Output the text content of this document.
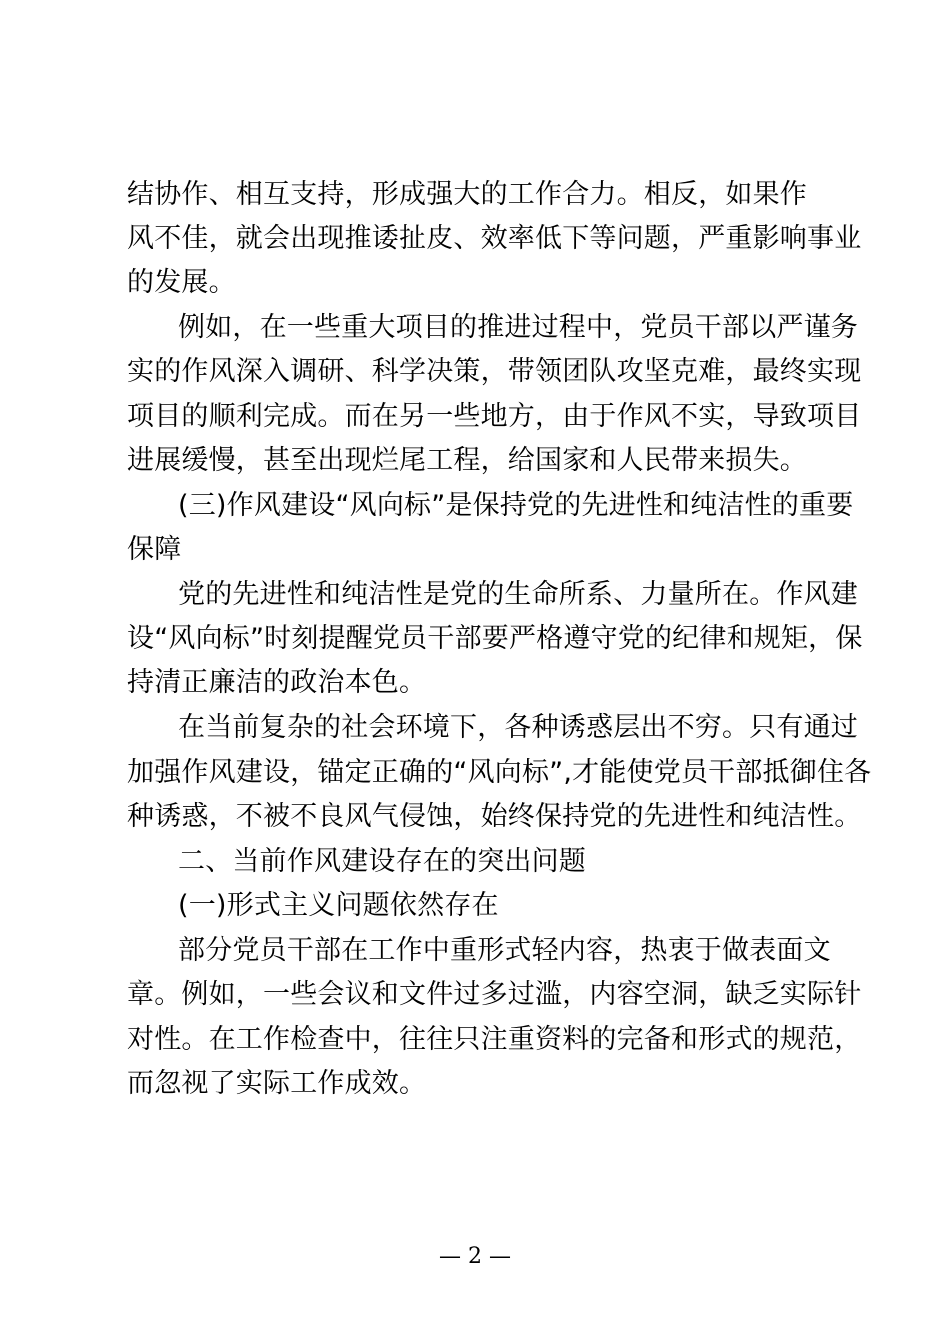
结协作、相互支持，形成强大的工作合力。相反，如果作
风不佳，就会出现推诿扯皮、效率低下等问题，严重影响事业
的发展。
例如，在一些重大项目的推进过程中，党员干部以严谨务
实的作风深入调研、科学决策，带领团队攻坚克难，最终实现
项目的顺利完成。而在另一些地方，由于作风不实，导致项目
进展缓慢，甚至出现烂尾工程，给国家和人民带来损失。
(三)作风建设“风向标”是保持党的先进性和纯洁性的重要
保障
党的先进性和纯洁性是党的生命所系、力量所在。作风建
设“风向标”时刻提醒党员干部要严格遵守党的纪律和规矩，保
持清正廉洁的政治本色。
在当前复杂的社会环境下，各种诱惑层出不穷。只有通过
加强作风建设，锚定正确的“风向标”,才能使党员干部抵御住各
种诱惑，不被不良风气侵蚀，始终保持党的先进性和纯洁性。
二、当前作风建设存在的突出问题
(一)形式主义问题依然存在
部分党员干部在工作中重形式轻内容，热衷于做表面文
章。例如，一些会议和文件过多过滥，内容空洞，缺乏实际针
对性。在工作检查中，往往只注重资料的完备和形式的规范，
而忽视了实际工作成效。
— 2 —
